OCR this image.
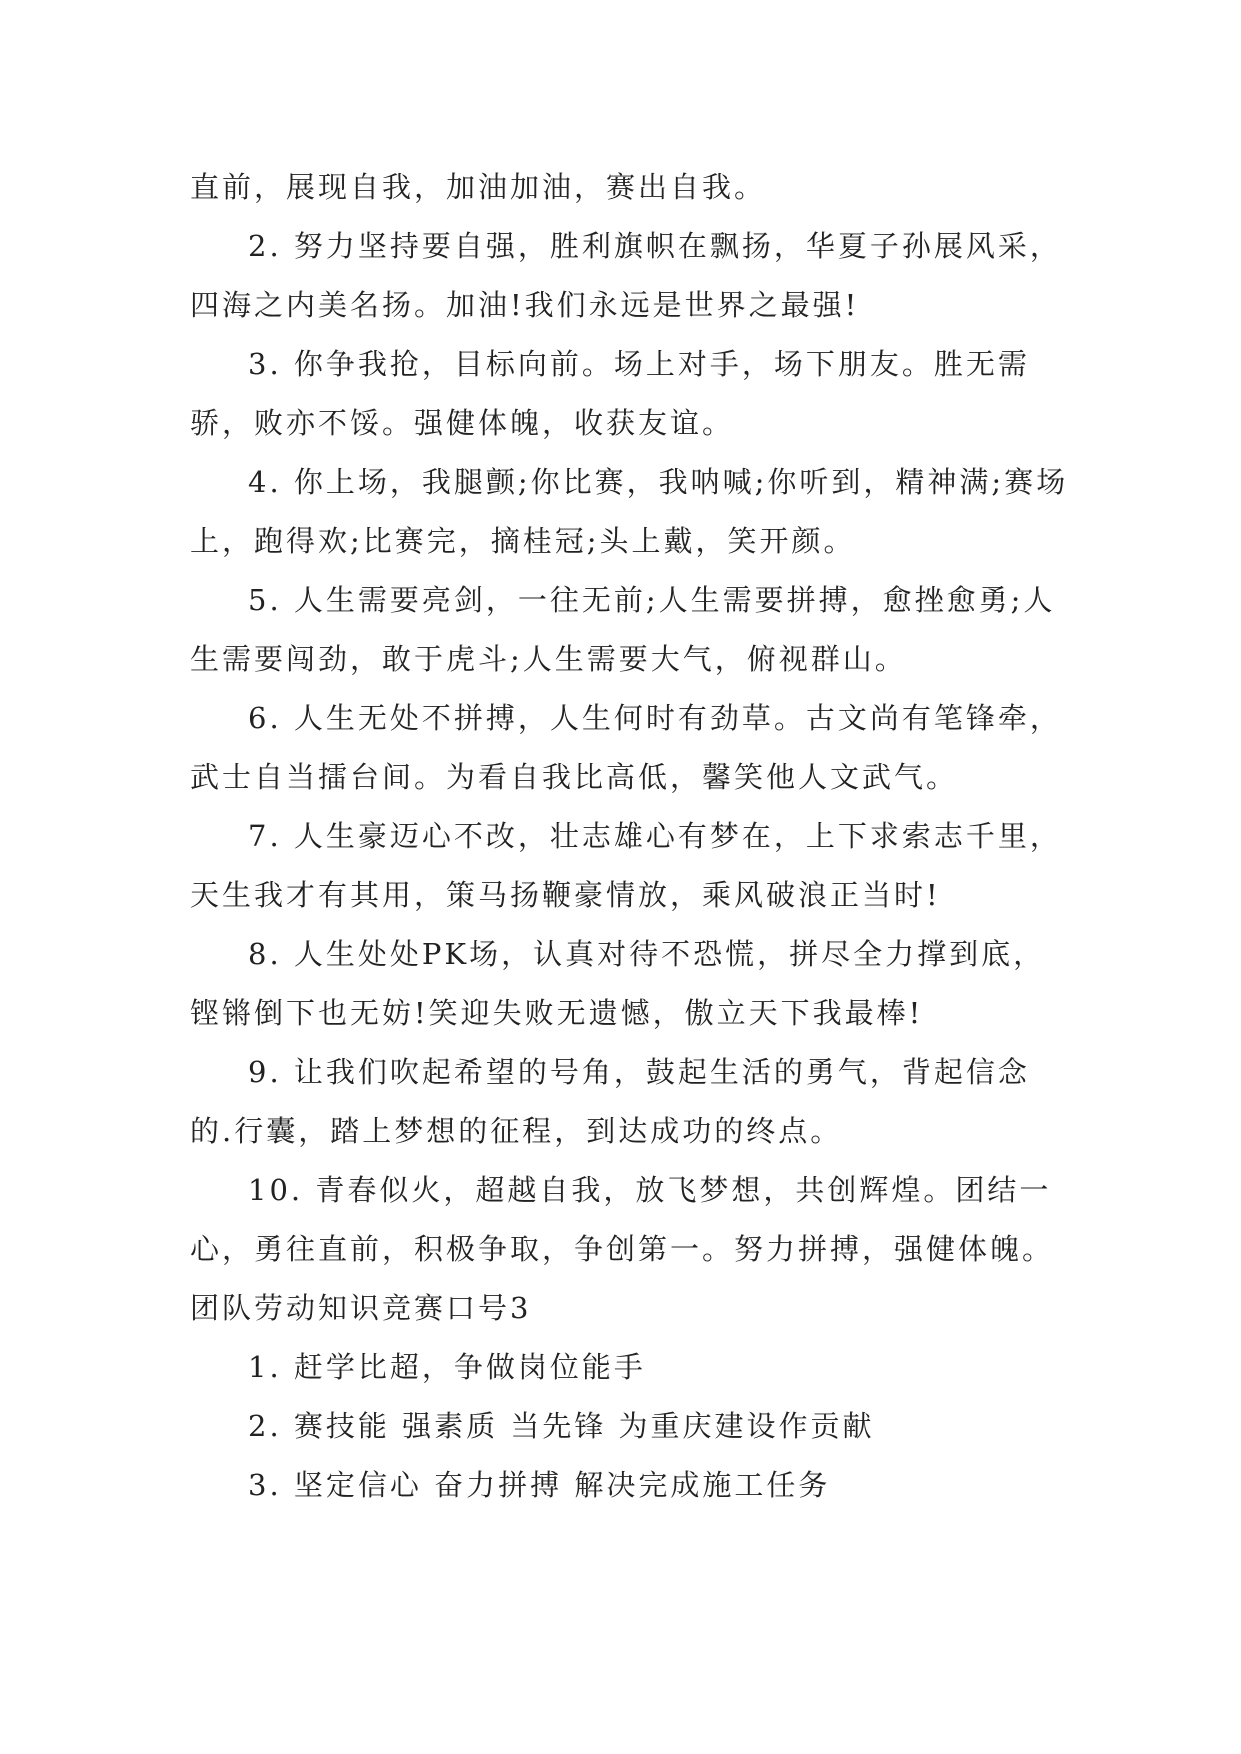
直前，展现自我，加油加油，赛出自我。

2. 努力坚持要自强，胜利旗帜在飘扬，华夏子孙展风采，四海之内美名扬。加油!我们永远是世界之最强!

3. 你争我抢，目标向前。场上对手，场下朋友。胜无需骄，败亦不馁。强健体魄，收获友谊。

4. 你上场，我腿颤;你比赛，我呐喊;你听到，精神满;赛场上，跑得欢;比赛完，摘桂冠;头上戴，笑开颜。

5. 人生需要亮剑，一往无前;人生需要拼搏，愈挫愈勇;人生需要闯劲，敢于虎斗;人生需要大气，俯视群山。

6. 人生无处不拼搏，人生何时有劲草。古文尚有笔锋牵，武士自当擂台间。为看自我比高低，馨笑他人文武气。

7. 人生豪迈心不改，壮志雄心有梦在，上下求索志千里，天生我才有其用，策马扬鞭豪情放，乘风破浪正当时!

8. 人生处处PK场，认真对待不恐慌，拼尽全力撑到底，铿锵倒下也无妨!笑迎失败无遗憾，傲立天下我最棒!

9. 让我们吹起希望的号角，鼓起生活的勇气，背起信念的.行囊，踏上梦想的征程，到达成功的终点。

10. 青春似火，超越自我，放飞梦想，共创辉煌。团结一心，勇往直前，积极争取，争创第一。努力拼搏，强健体魄。

团队劳动知识竞赛口号3

1. 赶学比超，争做岗位能手

2. 赛技能 强素质 当先锋 为重庆建设作贡献

3. 坚定信心 奋力拼搏 解决完成施工任务
